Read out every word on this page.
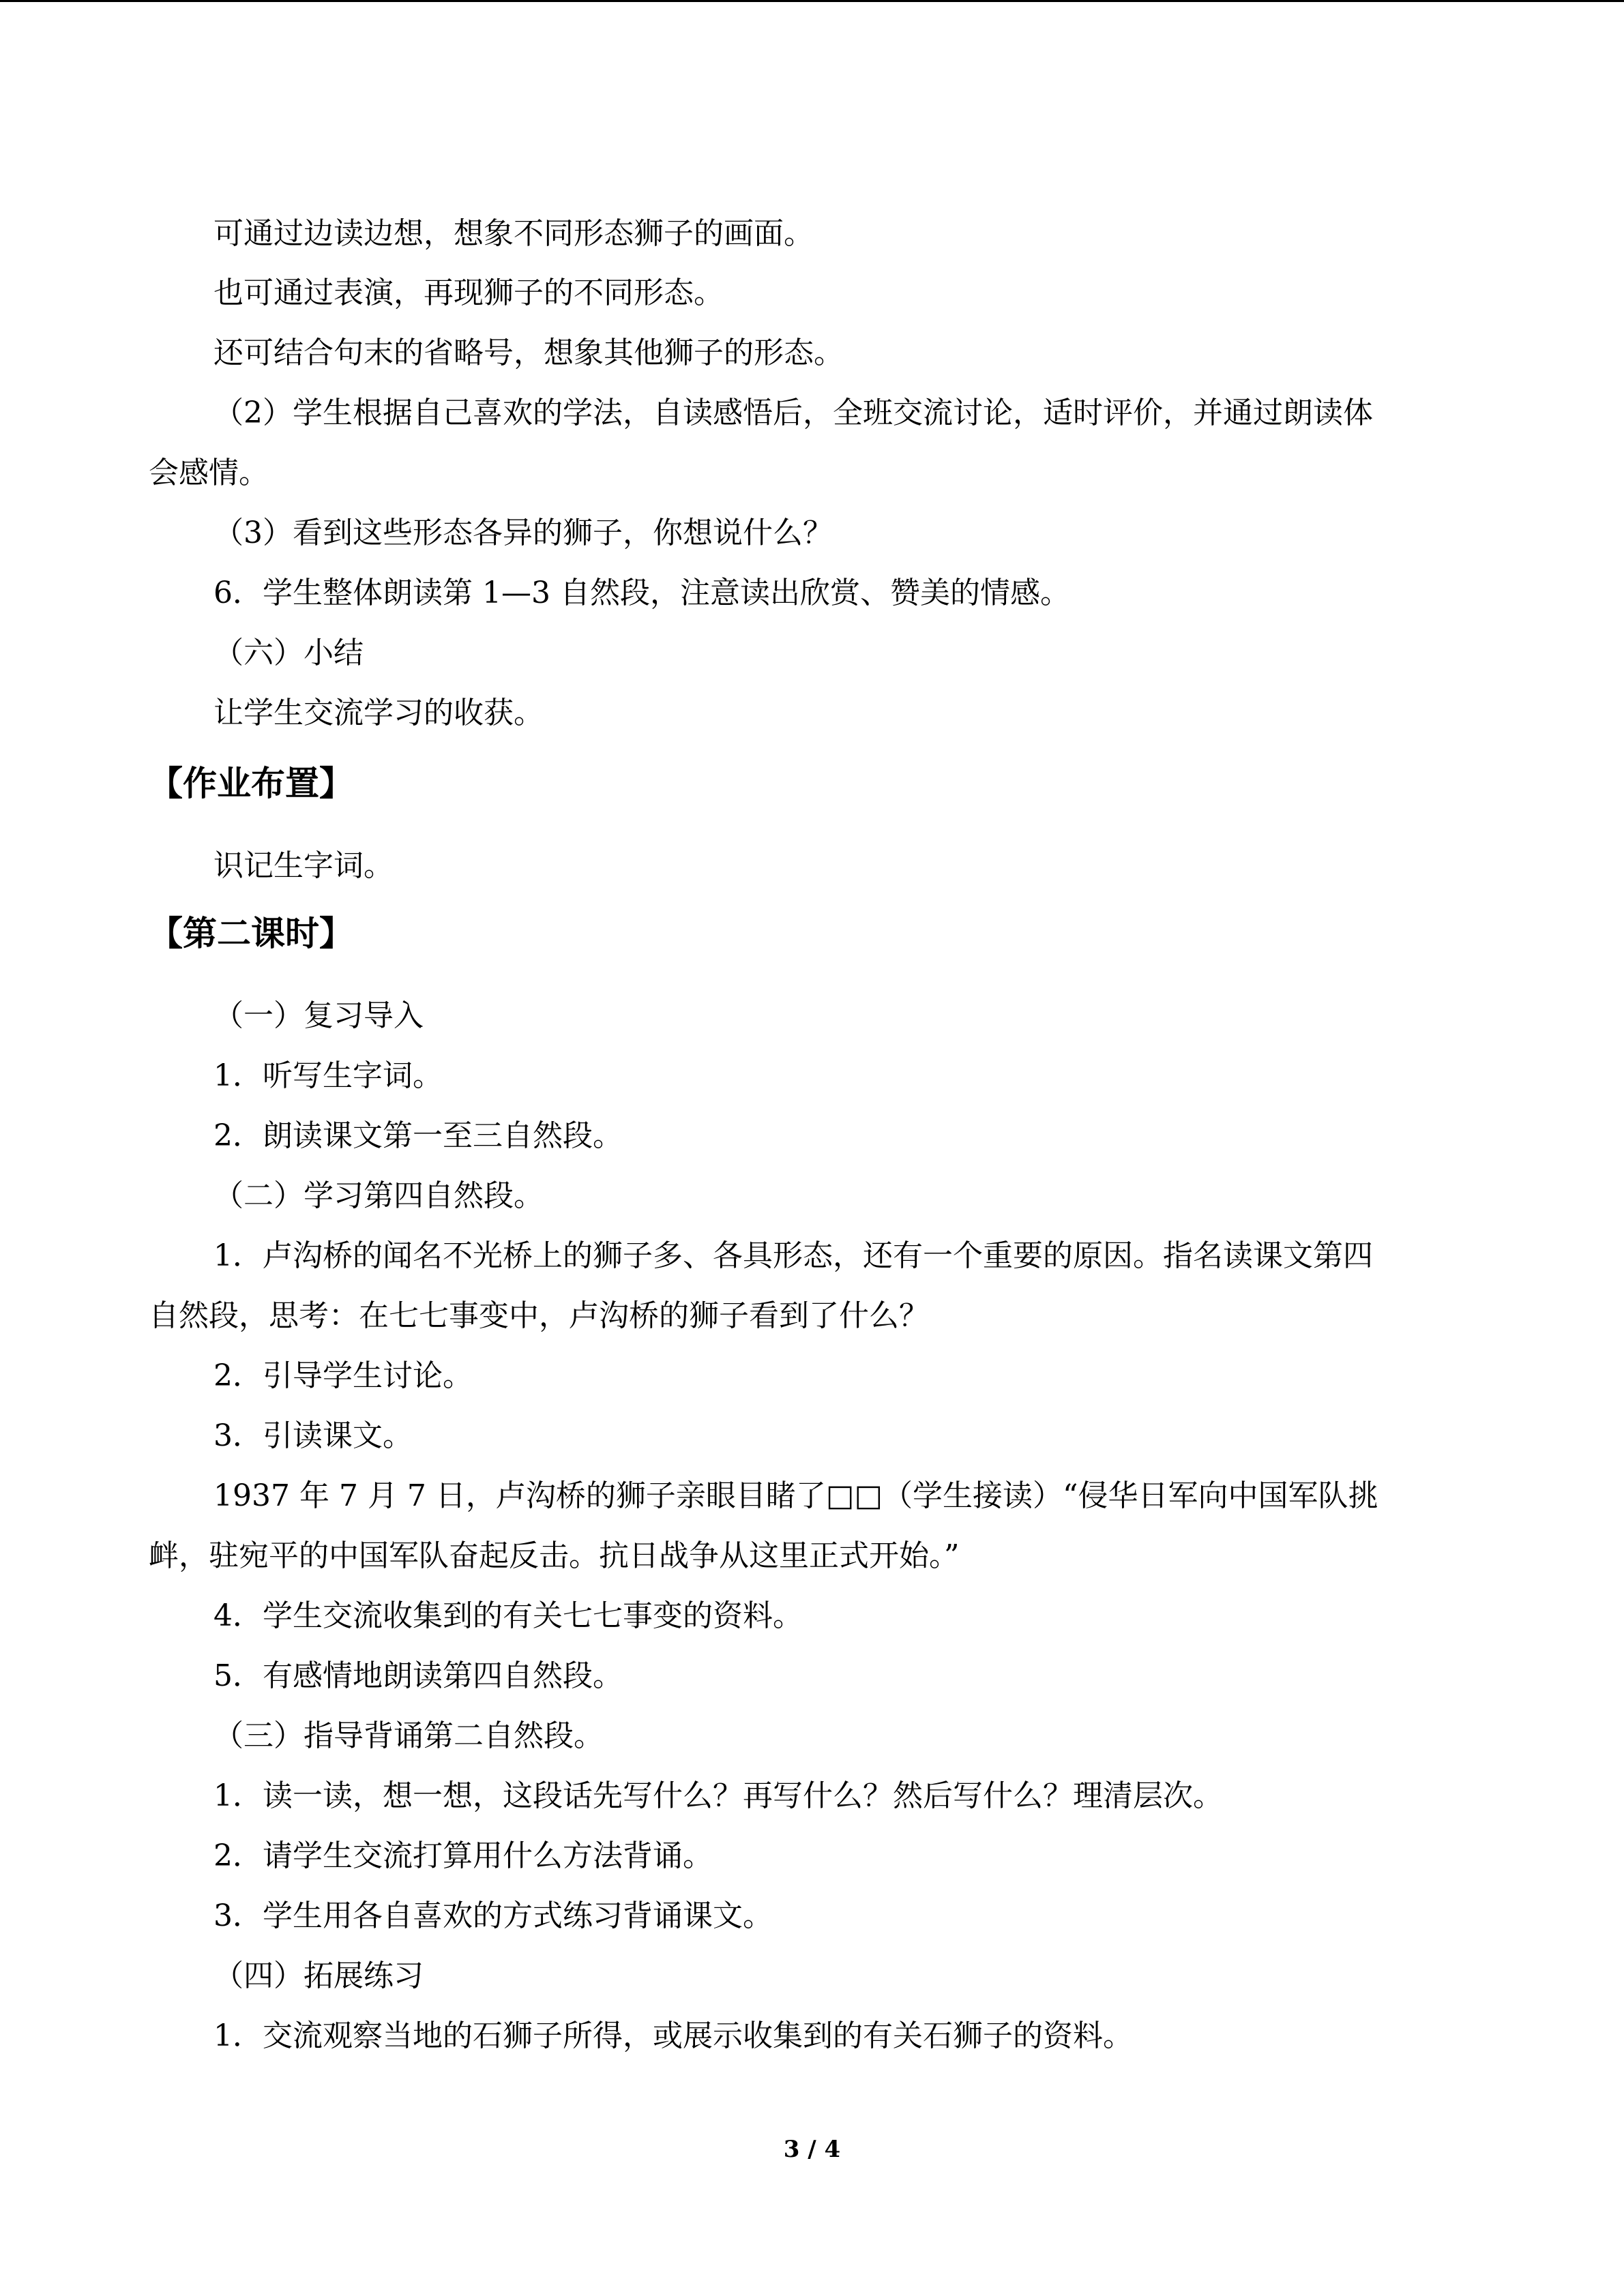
可通过边读边想，想象不同形态狮子的画面。
也可通过表演，再现狮子的不同形态。
还可结合句末的省略号，想象其他狮子的形态。
（2）学生根据自己喜欢的学法，自读感悟后，全班交流讨论，适时评价，并通过朗读体
会感情。
（3）看到这些形态各异的狮子，你想说什么？
6．学生整体朗读第 1—3 自然段，注意读出欣赏、赞美的情感。
（六）小结
让学生交流学习的收获。
【作业布置】
识记生字词。
【第二课时】
（一）复习导入
1．听写生字词。
2．朗读课文第一至三自然段。
（二）学习第四自然段。
1．卢沟桥的闻名不光桥上的狮子多、各具形态，还有一个重要的原因。指名读课文第四
自然段，思考：在七七事变中，卢沟桥的狮子看到了什么？
2．引导学生讨论。
3．引读课文。
1937 年 7 月 7 日，卢沟桥的狮子亲眼目睹了□□（学生接读）“侵华日军向中国军队挑
衅，驻宛平的中国军队奋起反击。抗日战争从这里正式开始。”
4．学生交流收集到的有关七七事变的资料。
5．有感情地朗读第四自然段。
（三）指导背诵第二自然段。
1．读一读，想一想，这段话先写什么？再写什么？然后写什么？理清层次。
2．请学生交流打算用什么方法背诵。
3．学生用各自喜欢的方式练习背诵课文。
（四）拓展练习
1．交流观察当地的石狮子所得，或展示收集到的有关石狮子的资料。
3 / 4
